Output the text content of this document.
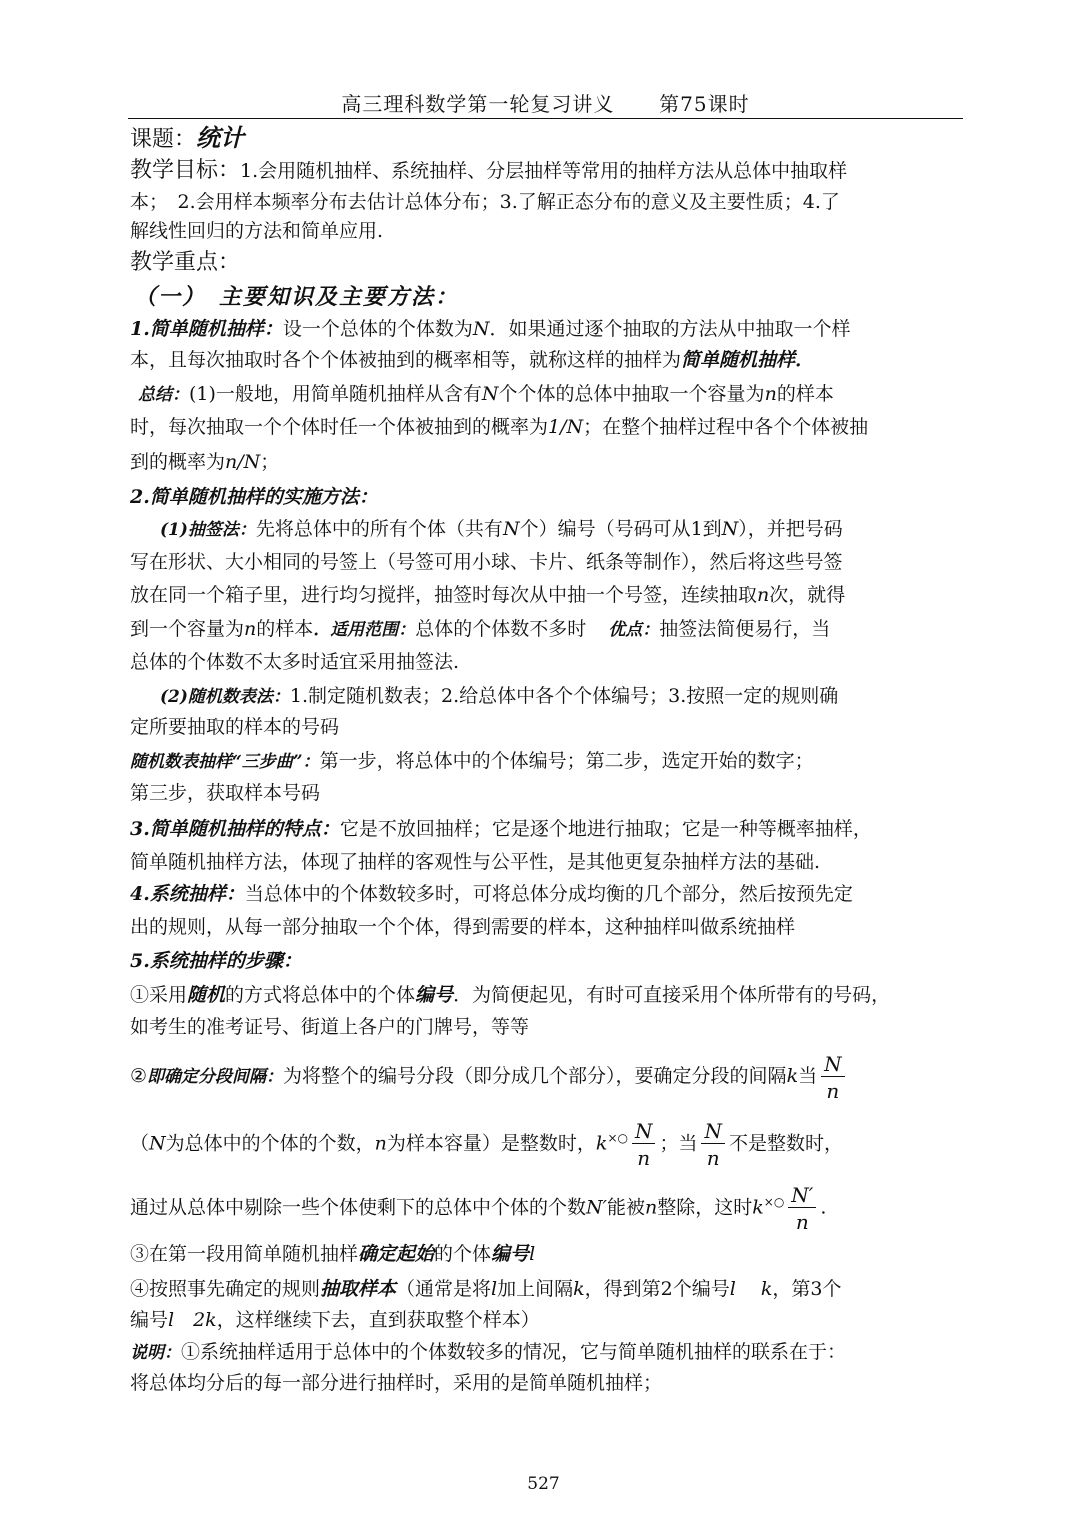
高三理科数学第一轮复习讲义 第75课时
课题：统计
教学目标：1.会用随机抽样、系统抽样、分层抽样等常用的抽样方法从总体中抽取样
本；　2.会用样本频率分布去估计总体分布；3.了解正态分布的意义及主要性质；4.了
解线性回归的方法和简单应用.
教学重点：
（一）　主要知识及主要方法：
1.简单随机抽样：设一个总体的个体数为N．如果通过逐个抽取的方法从中抽取一个样
本，且每次抽取时各个个体被抽到的概率相等，就称这样的抽样为简单随机抽样．
总结：(1)一般地，用简单随机抽样从含有N个个体的总体中抽取一个容量为n的样本
时，每次抽取一个个体时任一个体被抽到的概率为1/N；在整个抽样过程中各个个体被抽
到的概率为n/N；
2.简单随机抽样的实施方法：
(1)抽签法：先将总体中的所有个体（共有N个）编号（号码可从1到N），并把号码
写在形状、大小相同的号签上（号签可用小球、卡片、纸条等制作），然后将这些号签
放在同一个箱子里，进行均匀搅拌，抽签时每次从中抽一个号签，连续抽取n次，就得
到一个容量为n的样本．适用范围：总体的个体数不多时 优点：抽签法简便易行，当
总体的个体数不太多时适宜采用抽签法.
(2)随机数表法：1.制定随机数表；2.给总体中各个个体编号；3.按照一定的规则确
定所要抽取的样本的号码
随机数表抽样“三步曲”：第一步，将总体中的个体编号；第二步，选定开始的数字；
第三步，获取样本号码
3.简单随机抽样的特点：它是不放回抽样；它是逐个地进行抽取；它是一种等概率抽样，
简单随机抽样方法，体现了抽样的客观性与公平性，是其他更复杂抽样方法的基础.
4.系统抽样：当总体中的个体数较多时，可将总体分成均衡的几个部分，然后按预先定
出的规则，从每一部分抽取一个个体，得到需要的样本，这种抽样叫做系统抽样
5.系统抽样的步骤：
①采用随机的方式将总体中的个体编号．为简便起见，有时可直接采用个体所带有的号码，
如考生的准考证号、街道上各户的门牌号，等等
②即确定分段间隔：为将整个的编号分段（即分成几个部分），要确定分段的间隔k当 $\frac{N}{n}$
（N为总体中的个体的个数，n为样本容量）是整数时，$k^{\times○} \frac{N}{n}$ ；当 $\frac{N}{n}$ 不是整数时，
通过从总体中剔除一些个体使剩下的总体中个体的个数N′能被n整除，这时$k^{\times○} \frac{N'}{n}$ .
③在第一段用简单随机抽样确定起始的个体编号l
④按照事先确定的规则抽取样本（通常是将l加上间隔k，得到第2个编号l 　k，第3个
编号l　2k，这样继续下去，直到获取整个样本）
说明：①系统抽样适用于总体中的个体数较多的情况，它与简单随机抽样的联系在于：
将总体均分后的每一部分进行抽样时，采用的是简单随机抽样；
527
